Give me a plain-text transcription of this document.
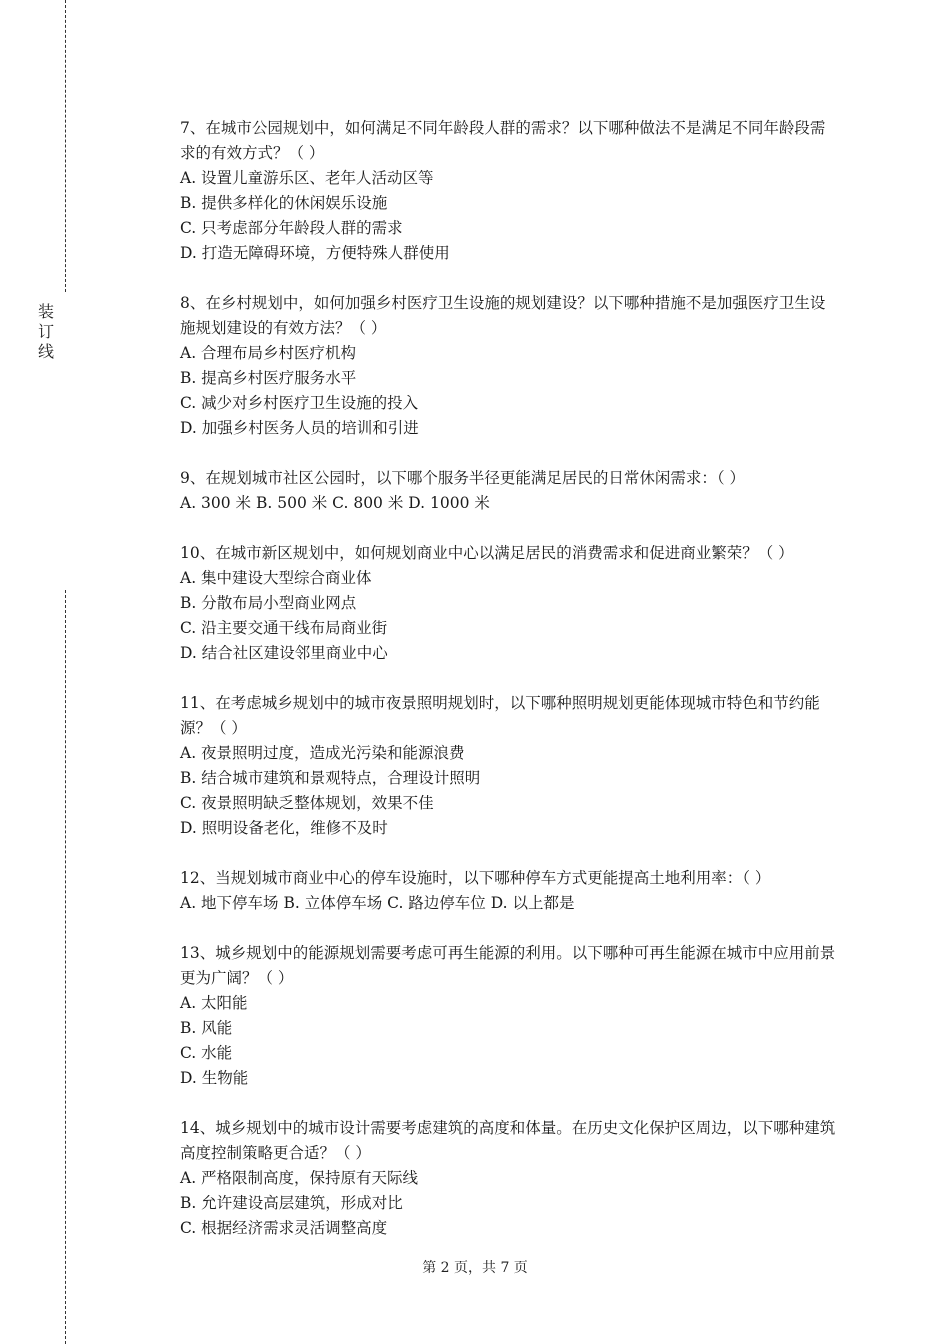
装
订
线

7、在城市公园规划中，如何满足不同年龄段人群的需求？以下哪种做法不是满足不同年龄段需求的有效方式？（ ）

A. 设置儿童游乐区、老年人活动区等

B. 提供多样化的休闲娱乐设施

C. 只考虑部分年龄段人群的需求

D. 打造无障碍环境，方便特殊人群使用

8、在乡村规划中，如何加强乡村医疗卫生设施的规划建设？以下哪种措施不是加强医疗卫生设施规划建设的有效方法？（ ）

A. 合理布局乡村医疗机构

B. 提高乡村医疗服务水平

C. 减少对乡村医疗卫生设施的投入

D. 加强乡村医务人员的培训和引进

9、在规划城市社区公园时，以下哪个服务半径更能满足居民的日常休闲需求：（ ）

A. 300 米 B. 500 米 C. 800 米 D. 1000 米

10、在城市新区规划中，如何规划商业中心以满足居民的消费需求和促进商业繁荣？（ ）

A. 集中建设大型综合商业体

B. 分散布局小型商业网点

C. 沿主要交通干线布局商业街

D. 结合社区建设邻里商业中心

11、在考虑城乡规划中的城市夜景照明规划时，以下哪种照明规划更能体现城市特色和节约能源？（ ）

A. 夜景照明过度，造成光污染和能源浪费

B. 结合城市建筑和景观特点，合理设计照明

C. 夜景照明缺乏整体规划，效果不佳

D. 照明设备老化，维修不及时

12、当规划城市商业中心的停车设施时，以下哪种停车方式更能提高土地利用率：（ ）

A. 地下停车场 B. 立体停车场 C. 路边停车位 D. 以上都是

13、城乡规划中的能源规划需要考虑可再生能源的利用。以下哪种可再生能源在城市中应用前景更为广阔？（ ）

A. 太阳能

B. 风能

C. 水能

D. 生物能

14、城乡规划中的城市设计需要考虑建筑的高度和体量。在历史文化保护区周边，以下哪种建筑高度控制策略更合适？（ ）

A. 严格限制高度，保持原有天际线

B. 允许建设高层建筑，形成对比

C. 根据经济需求灵活调整高度

第 2 页，共 7 页
